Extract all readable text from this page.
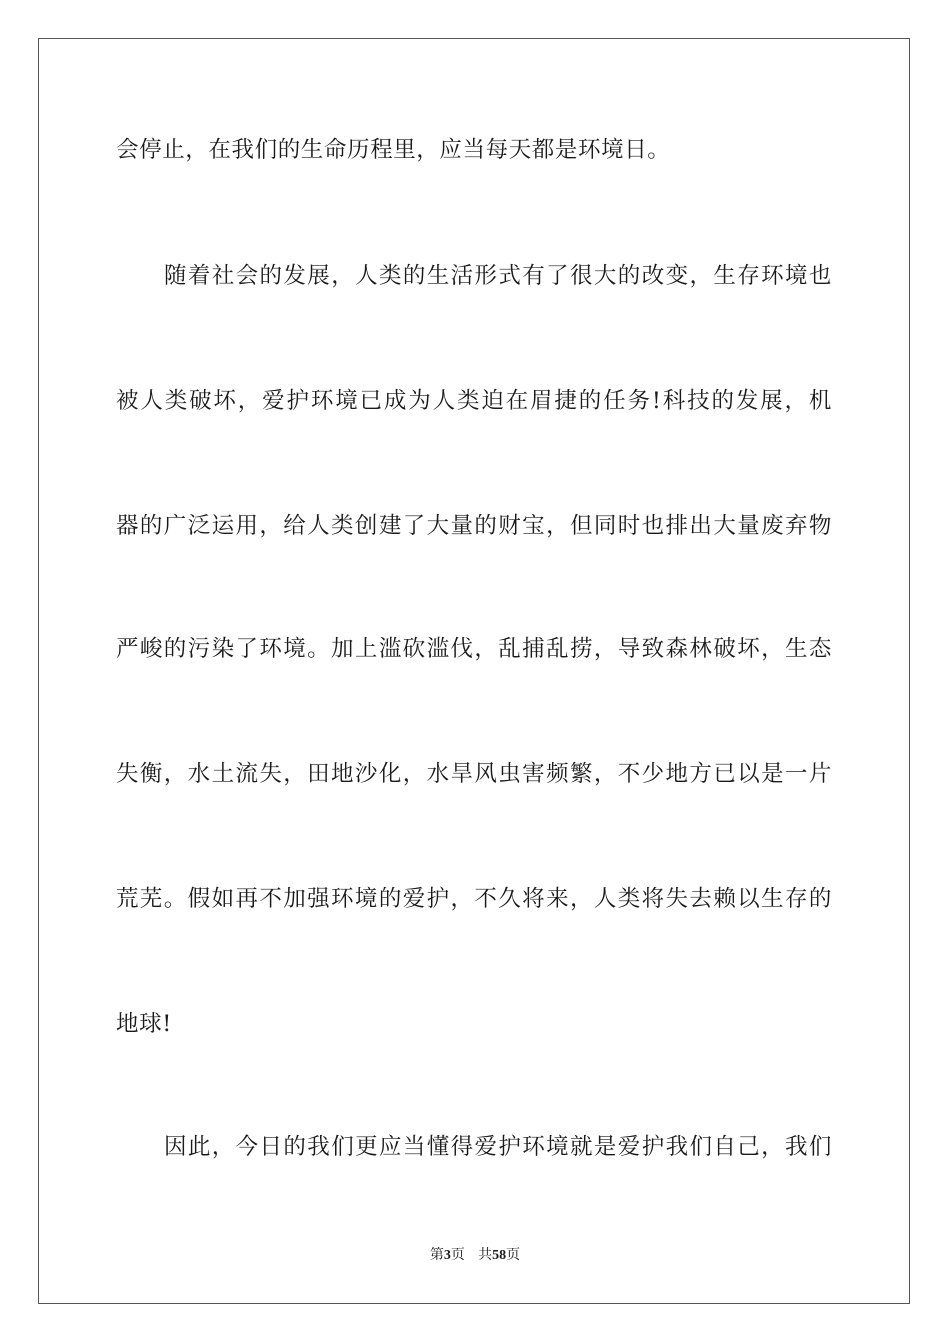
会停止，在我们的生命历程里，应当每天都是环境日。
随着社会的发展，人类的生活形式有了很大的改变，生存环境也
被人类破坏，爱护环境已成为人类迫在眉捷的任务!科技的发展，机
器的广泛运用，给人类创建了大量的财宝，但同时也排出大量废弃物
严峻的污染了环境。加上滥砍滥伐，乱捕乱捞，导致森林破坏，生态
失衡，水土流失，田地沙化，水旱风虫害频繁，不少地方已以是一片
荒芜。假如再不加强环境的爱护，不久将来，人类将失去赖以生存的
地球!
因此，今日的我们更应当懂得爱护环境就是爱护我们自己，我们
第3页 共58页
